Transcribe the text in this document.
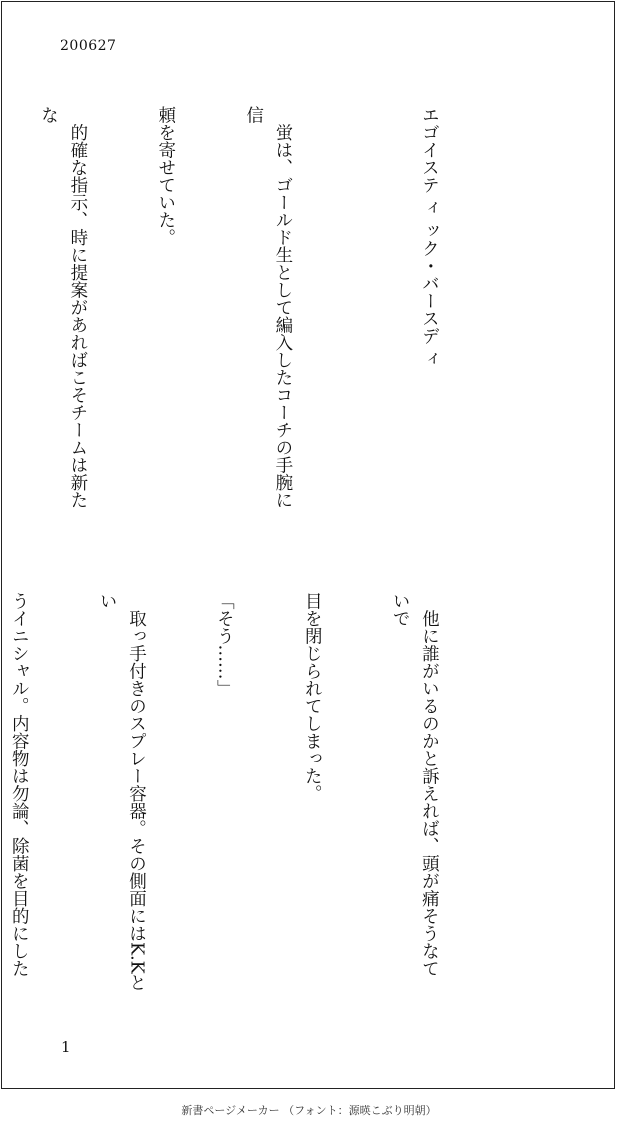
200627

エゴイステ ィ ック・バースデ ィ

　蛍は、ゴールド生として編入したコーチの手腕に信

頼を寄せていた。

　的確な指示、時に提案があればこそチームは新たな

　他に誰がいるのかと訴えれば、頭が痛そうなていで

目を閉じられてしまった。

「そう……」

　取っ手付きのスプレー容器。その側面にはK.Kとい

うイニシャル。内容物は勿論、除菌を目的にした

1
新書ページメーカー （フォント：源暎こぶり明朝）
